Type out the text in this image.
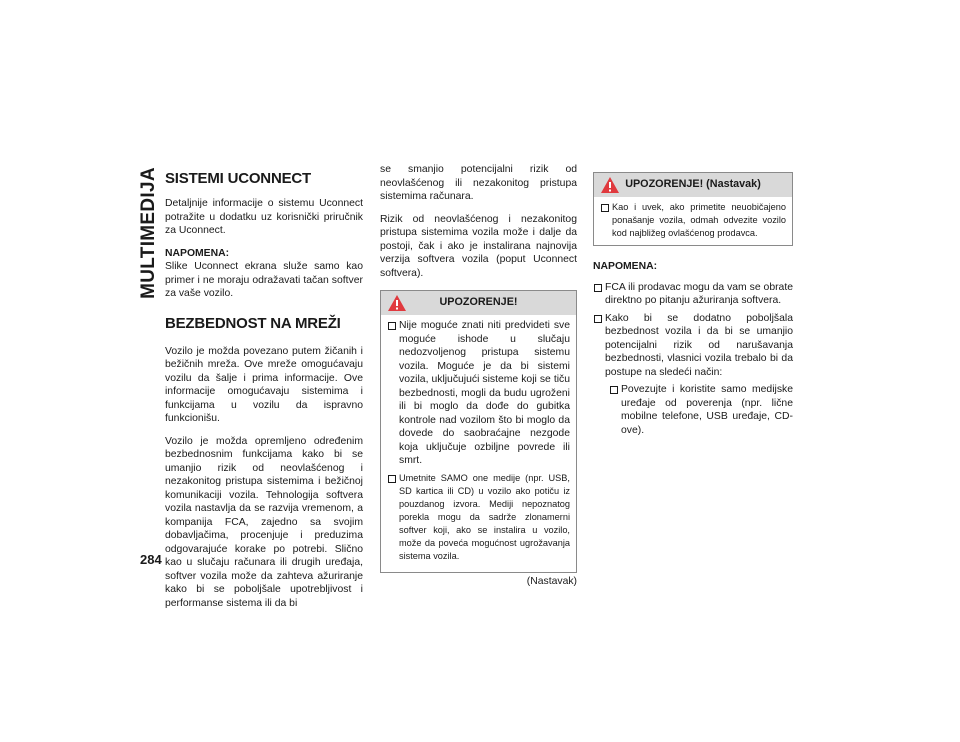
MULTIMEDIJA SISTEMI UCONNECT

Detaljnije informacije o sistemu Uconnect potražite u dodatku uz korisnički priručnik za Uconnect.

NAPOMENA:

Slike Uconnect ekrana služe samo kao primer i ne moraju odražavati tačan softver za vaše vozilo.

BEZBEDNOST NA MREŽI

Vozilo je možda povezano putem žičanih i bežičnih mreža. Ove mreže omogućavaju vozilu da šalje i prima informacije. Ove informacije omogućavaju sistemima i funkcijama u vozilu da ispravno funkcionišu.

Vozilo je možda opremljeno određenim bezbednosnim funkcijama kako bi se umanjio rizik od neovlašćenog i nezakonitog pristupa sistemima i bežičnoj komunikaciji vozila. Tehnologija softvera vozila nastavlja da se razvija vremenom, a kompanija FCA, zajedno sa svojim dobavljačima, procenjuje i preduzima odgovarajuće korake po potrebi. Slično kao u slučaju računara ili drugih uređaja, softver vozila može da zahteva ažuriranje kako bi se poboljšale upotrebljivost i performanse sistema ili da bi

se smanjio potencijalni rizik od neovlašćenog ili nezakonitog pristupa sistemima računara.

Rizik od neovlašćenog i nezakonitog pristupa sistemima vozila može i dalje da postoji, čak i ako je instalirana najnovija verzija softvera vozila (poput Uconnect softvera).

UPOZORENJE!

Nije moguće znati niti predvideti sve moguće ishode u slučaju nedozvoljenog pristupa sistemu vozila. Moguće je da bi sistemi vozila, uključujući sisteme koji se tiču bezbednosti, mogli da budu ugroženi ili bi moglo da dođe do gubitka kontrole nad vozilom što bi moglo da dovede do saobraćajne nezgode koja uključuje ozbiljne povrede ili smrt.

Umetnite SAMO one medije (npr. USB, SD kartica ili CD) u vozilo ako potiču iz pouzdanog izvora. Mediji nepoznatog porekla mogu da sadrže zlonamerni softver koji, ako se instalira u vozilo, može da poveća mogućnost ugrožavanja sistema vozila.

(Nastavak)
UPOZORENJE! (Nastavak)

Kao i uvek, ako primetite neuobičajeno ponašanje vozila, odmah odvezite vozilo kod najbližeg ovlašćenog prodavca.

NAPOMENA:

FCA ili prodavac mogu da vam se obrate direktno po pitanju ažuriranja softvera.

Kako bi se dodatno poboljšala bezbednost vozila i da bi se umanjio potencijalni rizik od narušavanja bezbednosti, vlasnici vozila trebalo bi da postupe na sledeći način:

Povezujte i koristite samo medijske uređaje od poverenja (npr. lične mobilne telefone, USB uređaje, CD-ove).

284
